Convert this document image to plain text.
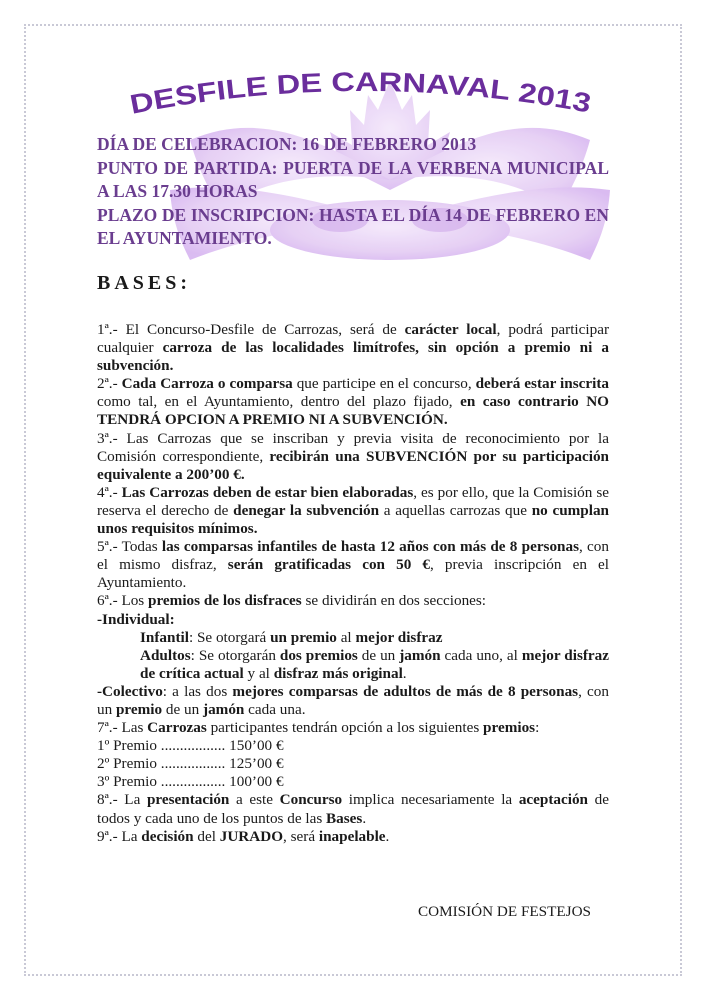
DESFILE DE CARNAVAL 2013

DÍA DE CELEBRACION: 16 DE FEBRERO 2013

PUNTO DE PARTIDA: PUERTA DE LA VERBENA MUNICIPAL A LAS 17.30 HORAS

PLAZO DE INSCRIPCION: HASTA EL DÍA 14 DE FEBRERO EN EL AYUNTAMIENTO.

BASES:

1ª.- El Concurso-Desfile de Carrozas, será de carácter local, podrá participar cualquier carroza de las localidades limítrofes, sin opción a premio ni a subvención.

2ª.- Cada Carroza o comparsa que participe en el concurso, deberá estar inscrita como tal, en el Ayuntamiento, dentro del plazo fijado, en caso contrario NO TENDRÁ OPCION A PREMIO NI A SUBVENCIÓN.

3ª.- Las Carrozas que se inscriban y previa visita de reconocimiento por la Comisión correspondiente, recibirán una SUBVENCIÓN por su participación equivalente a 200’00 €.

4ª.- Las Carrozas deben de estar bien elaboradas, es por ello, que la Comisión se reserva el derecho de denegar la subvención a aquellas carrozas que no cumplan unos requisitos mínimos.

5ª.- Todas las comparsas infantiles de hasta 12 años con más de 8 personas, con el mismo disfraz, serán gratificadas con 50 €, previa inscripción en el Ayuntamiento.

6ª.- Los premios de los disfraces se dividirán en dos secciones:

-Individual:

Infantil: Se otorgará un premio al mejor disfraz

Adultos: Se otorgarán dos premios de un jamón cada uno, al mejor disfraz de crítica actual y al disfraz más original.

-Colectivo: a las dos mejores comparsas de adultos de más de 8 personas, con un premio de un jamón cada una.

7ª.- Las Carrozas participantes tendrán opción a los siguientes premios:

1º Premio ................. 150’00 €

2º Premio ................. 125’00 €

3º Premio ................. 100’00 €

8ª.- La presentación a este Concurso implica necesariamente la aceptación de todos y cada uno de los puntos de las Bases.

9ª.- La decisión del JURADO, será inapelable.

COMISIÓN DE FESTEJOS
